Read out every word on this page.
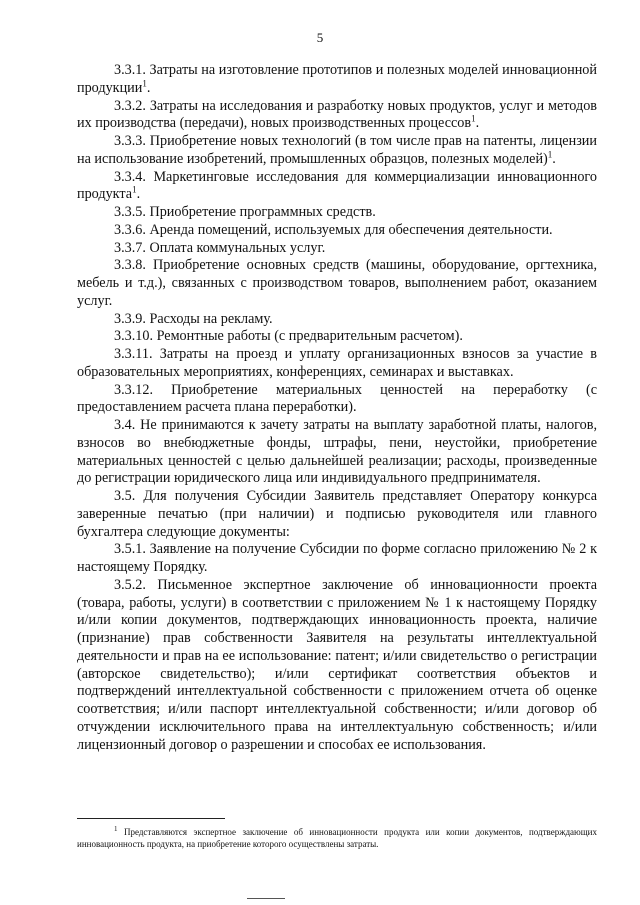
5

3.3.1. Затраты на изготовление прототипов и полезных моделей инновационной продукции$^1$.

3.3.2. Затраты на исследования и разработку новых продуктов, услуг и методов их производства (передачи), новых производственных процессов$^1$.

3.3.3. Приобретение новых технологий (в том числе прав на патенты, лицензии на использование изобретений, промышленных образцов, полезных моделей)$^1$.

3.3.4. Маркетинговые исследования для коммерциализации инновационного продукта$^1$.

3.3.5. Приобретение программных средств.

3.3.6. Аренда помещений, используемых для обеспечения деятельности.

3.3.7. Оплата коммунальных услуг.

3.3.8. Приобретение основных средств (машины, оборудование, оргтехника, мебель и т.д.), связанных с производством товаров, выполнением работ, оказанием услуг.

3.3.9. Расходы на рекламу.

3.3.10. Ремонтные работы (с предварительным расчетом).

3.3.11. Затраты на проезд и уплату организационных взносов за участие в образовательных мероприятиях, конференциях, семинарах и выставках.

3.3.12. Приобретение материальных ценностей на переработку (с предоставлением расчета плана переработки).

3.4. Не принимаются к зачету затраты на выплату заработной платы, налогов, взносов во внебюджетные фонды, штрафы, пени, неустойки, приобретение материальных ценностей с целью дальнейшей реализации; расходы, произведенные до регистрации юридического лица или индивидуального предпринимателя.

3.5. Для получения Субсидии Заявитель представляет Оператору конкурса заверенные печатью (при наличии) и подписью руководителя или главного бухгалтера следующие документы:

3.5.1. Заявление на получение Субсидии по форме согласно приложению № 2 к настоящему Порядку.

3.5.2. Письменное экспертное заключение об инновационности проекта (товара, работы, услуги) в соответствии с приложением № 1 к настоящему Порядку и/или копии документов, подтверждающих инновационность проекта, наличие (признание) прав собственности Заявителя на результаты интеллектуальной деятельности и прав на ее использование: патент; и/или свидетельство о регистрации (авторское свидетельство); и/или сертификат соответствия объектов и подтверждений интеллектуальной собственности с приложением отчета об оценке соответствия; и/или паспорт интеллектуальной собственности; и/или договор об отчуждении исключительного права на интеллектуальную собственность; и/или лицензионный договор о разрешении и способах ее использования.

$^1$ Представляются экспертное заключение об инновационности продукта или копии документов, подтверждающих инновационность продукта, на приобретение которого осуществлены затраты.
